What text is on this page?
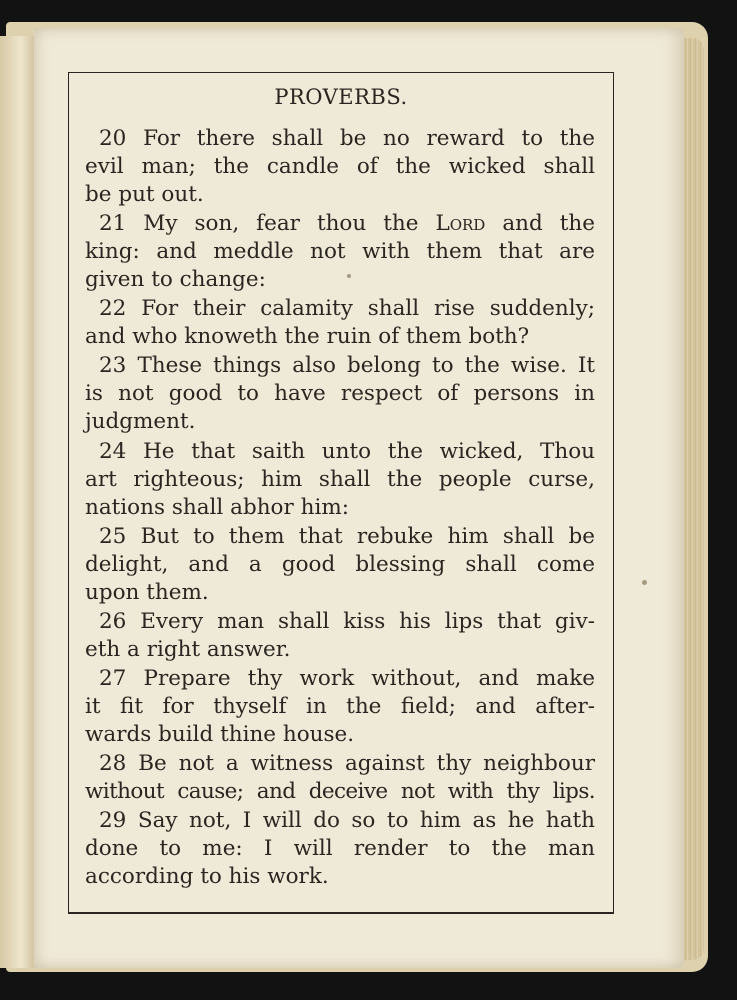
PROVERBS.
20 For there shall be no reward to the
evil man; the candle of the wicked shall
be put out.
21 My son, fear thou the Lord and the
king: and meddle not with them that are
given to change:
22 For their calamity shall rise suddenly;
and who knoweth the ruin of them both?
23 These things also belong to the wise. It
is not good to have respect of persons in
judgment.
24 He that saith unto the wicked, Thou
art righteous; him shall the people curse,
nations shall abhor him:
25 But to them that rebuke him shall be
delight, and a good blessing shall come
upon them.
26 Every man shall kiss his lips that giv-
eth a right answer.
27 Prepare thy work without, and make
it fit for thyself in the field; and after-
wards build thine house.
28 Be not a witness against thy neighbour
without cause; and deceive not with thy lips.
29 Say not, I will do so to him as he hath
done to me: I will render to the man
according to his work.
